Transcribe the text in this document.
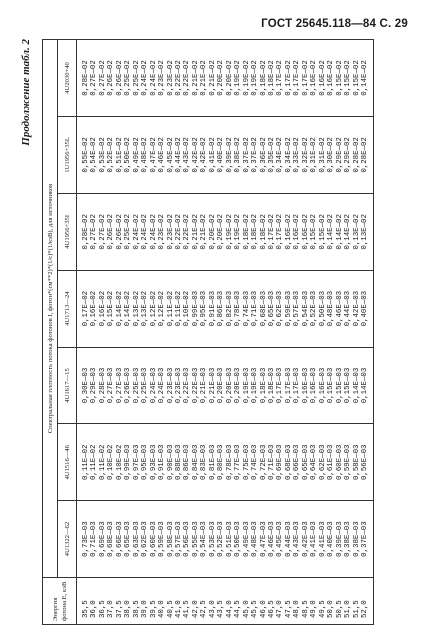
ГОСТ 25645.118—84 С. 29
Продолжение табл. 2
Энергия фотона Е, кэВ	Спектральная плотность потока фотонов I, фотон*(см**2)*(1/с)*(1/кэВ), для источников						
	4U1322—62	4U1516—46	4U1617—15	4U1713—24	4U1956+35I	1U1956+35L	4U2030+40
35,5	0,73E—03	0,11E—02	0,30E—03	0,17E—02	0,28E—02	0,55E—02	0,28E—02
36,0	0,71E—03	0,11E—02	0,29E—03	0,16E—02	0,27E—02	0,54E—02	0,27E—02
36,5	0,69E—03	0,11E—02	0,28E—03	0,16E—02	0,27E—02	0,53E—02	0,27E—02
37,0	0,68E—03	0,10E—02	0,27E—03	0,15E—02	0,26E—02	0,52E—02	0,26E—02
37,5	0,66E—03	0,10E—02	0,27E—03	0,14E—02	0,26E—02	0,51E—02	0,26E—02
38,0	0,65E—03	0,99E—03	0,26E—03	0,14E—02	0,25E—02	0,50E—02	0,25E—02
38,5	0,63E—03	0,97E—03	0,25E—03	0,13E—02	0,24E—02	0,49E—02	0,25E—02
39,0	0,62E—03	0,95E—03	0,25E—03	0,13E—02	0,24E—02	0,48E—02	0,24E—02
39,5	0,60E—03	0,93E—03	0,24E—03	0,12E—02	0,24E—02	0,47E—02	0,24E—02
40,0	0,59E—03	0,91E—03	0,24E—03	0,12E—02	0,23E—02	0,46E—02	0,23E—02
40,5	0,58E—03	0,90E—03	0,23E—03	0,11E—02	0,23E—02	0,45E—02	0,23E—02
41,0	0,57E—03	0,88E—03	0,23E—03	0,11E—02	0,22E—02	0,44E—02	0,22E—02
41,5	0,56E—03	0,86E—03	0,22E—03	0,10E—02	0,22E—02	0,43E—02	0,22E—02
42,0	0,55E—03	0,84E—03	0,22E—03	0,99E—03	0,21E—02	0,42E—02	0,21E—02
42,5	0,54E—03	0,83E—03	0,21E—03	0,95E—03	0,21E—02	0,42E—02	0,21E—02
43,0	0,53E—03	0,81E—03	0,21E—03	0,91E—03	0,20E—02	0,41E—02	0,21E—02
43,5	0,52E—03	0,80E—03	0,20E—03	0,86E—03	0,20E—02	0,40E—02	0,20E—02
44,0	0,51E—03	0,78E—03	0,20E—03	0,82E—03	0,19E—02	0,39E—02	0,20E—02
44,5	0,50E—03	0,77E—03	0,20E—03	0,78E—03	0,19E—02	0,38E—02	0,19E—02
45,0	0,49E—03	0,75E—03	0,19E—03	0,74E—03	0,18E—02	0,37E—02	0,19E—02
45,5	0,48E—03	0,74E—03	0,19E—03	0,71E—03	0,18E—02	0,37E—02	0,19E—02
46,0	0,47E—03	0,72E—03	0,18E—03	0,68E—03	0,18E—02	0,36E—02	0,18E—02
46,5	0,46E—03	0,71E—03	0,18E—03	0,65E—03	0,17E—02	0,35E—02	0,18E—02
47,0	0,45E—03	0,69E—03	0,17E—03	0,62E—03	0,17E—02	0,34E—02	0,17E—02
47,5	0,44E—03	0,68E—03	0,17E—03	0,59E—03	0,16E—02	0,34E—02	0,17E—02
48,0	0,43E—03	0,66E—03	0,17E—03	0,57E—03	0,16E—02	0,33E—02	0,17E—02
48,5	0,42E—03	0,65E—03	0,16E—03	0,54E—03	0,16E—02	0,32E—02	0,17E—02
49,0	0,41E—03	0,64E—03	0,16E—03	0,52E—03	0,15E—02	0,31E—02	0,16E—02
49,5	0,41E—03	0,62E—03	0,16E—03	0,50E—03	0,15E—02	0,31E—02	0,16E—02
50,0	0,40E—03	0,61E—03	0,15E—03	0,48E—03	0,14E—02	0,30E—02	0,16E—02
50,5	0,39E—03	0,60E—03	0,15E—03	0,46E—03	0,14E—02	0,29E—02	0,15E—02
51,0	0,38E—03	0,59E—03	0,15E—03	0,44E—03	0,14E—02	0,29E—02	0,15E—02
51,5	0,38E—03	0,58E—03	0,14E—03	0,42E—03	0,13E—02	0,28E—02	0,15E—02
52,0	0,37E—03	0,56E—03	0,14E—03	0,40E—03	0,13E—02	0,28E—02	0,14E—02
